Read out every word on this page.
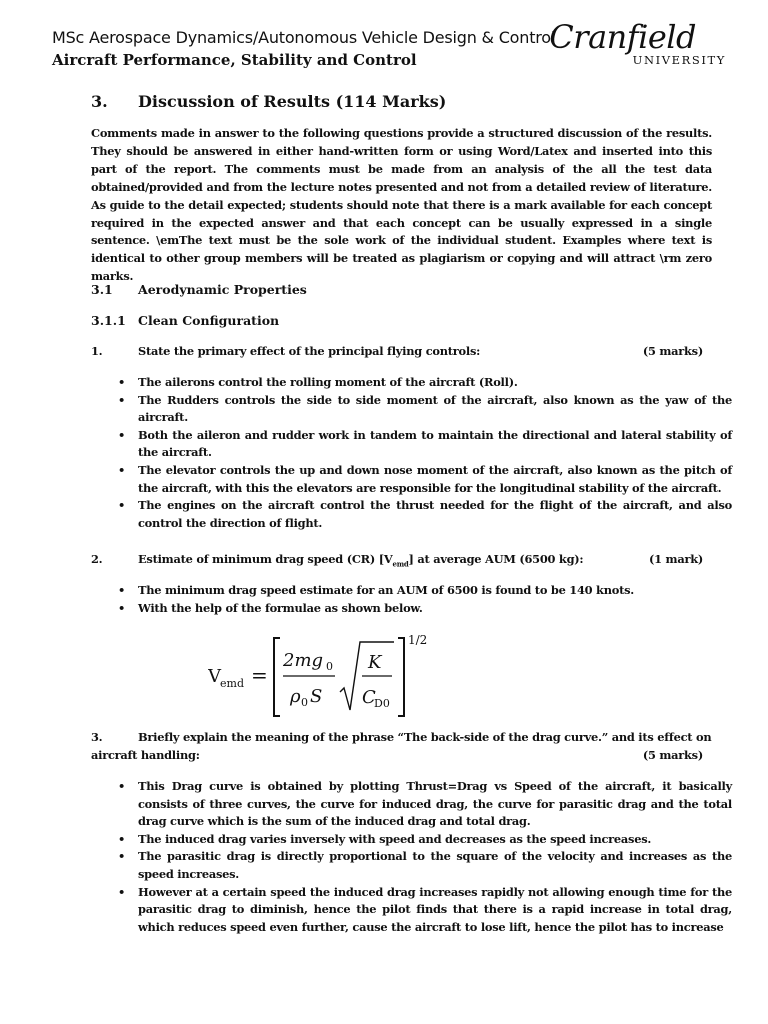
MSc Aerospace Dynamics/Autonomous Vehicle Design & Control
Aircraft Performance, Stability and Control
Cranfield
UNIVERSITY
3. Discussion of Results (114 Marks)
Comments made in answer to the following questions provide a structured discussion of the results. They should be answered in either hand-written form or using Word/Latex and inserted into this part of the report. The comments must be made from an analysis of the all the test data obtained/provided and from the lecture notes presented and not from a detailed review of literature. As guide to the detail expected; students should note that there is a mark available for each concept required in the expected answer and that each concept can be usually expressed in a single sentence. \emThe text must be the sole work of the individual student. Examples where text is identical to other group members will be treated as plagiarism or copying and will attract \rm zero marks.
3.1 Aerodynamic Properties
3.1.1 Clean Configuration
1.	State the primary effect of the principal flying controls:	(5 marks)
• The ailerons control the rolling moment of the aircraft (Roll).
• The Rudders controls the side to side moment of the aircraft, also known as the yaw of the aircraft.
• Both the aileron and rudder work in tandem to maintain the directional and lateral stability of the aircraft.
• The elevator controls the up and down nose moment of the aircraft, also known as the pitch of the aircraft, with this the elevators are responsible for the longitudinal stability of the aircraft.
• The engines on the aircraft control the thrust needed for the flight of the aircraft, and also control the direction of flight.
2.	Estimate of minimum drag speed (CR) $[V_{emd}]$ at average AUM (6500 kg):	(1 mark)
• The minimum drag speed estimate for an AUM of 6500 is found to be 140 knots.
• With the help of the formulae as shown below.
V emd =
2mg 0
ρ 0 S
K
C
D0
1/2
3.	Briefly explain the meaning of the phrase “The back-side of the drag curve.” and its effect on
aircraft handling:	(5 marks)
• This Drag curve is obtained by plotting Thrust=Drag vs Speed of the aircraft, it basically consists of three curves, the curve for induced drag, the curve for parasitic drag and the total drag curve which is the sum of the induced drag and total drag.
• The induced drag varies inversely with speed and decreases as the speed increases.
• The parasitic drag is directly proportional to the square of the velocity and increases as the speed increases.
• However at a certain speed the induced drag increases rapidly not allowing enough time for the parasitic drag to diminish, hence the pilot finds that there is a rapid increase in total drag, which reduces speed even further, cause the aircraft to lose lift, hence the pilot has to increase
